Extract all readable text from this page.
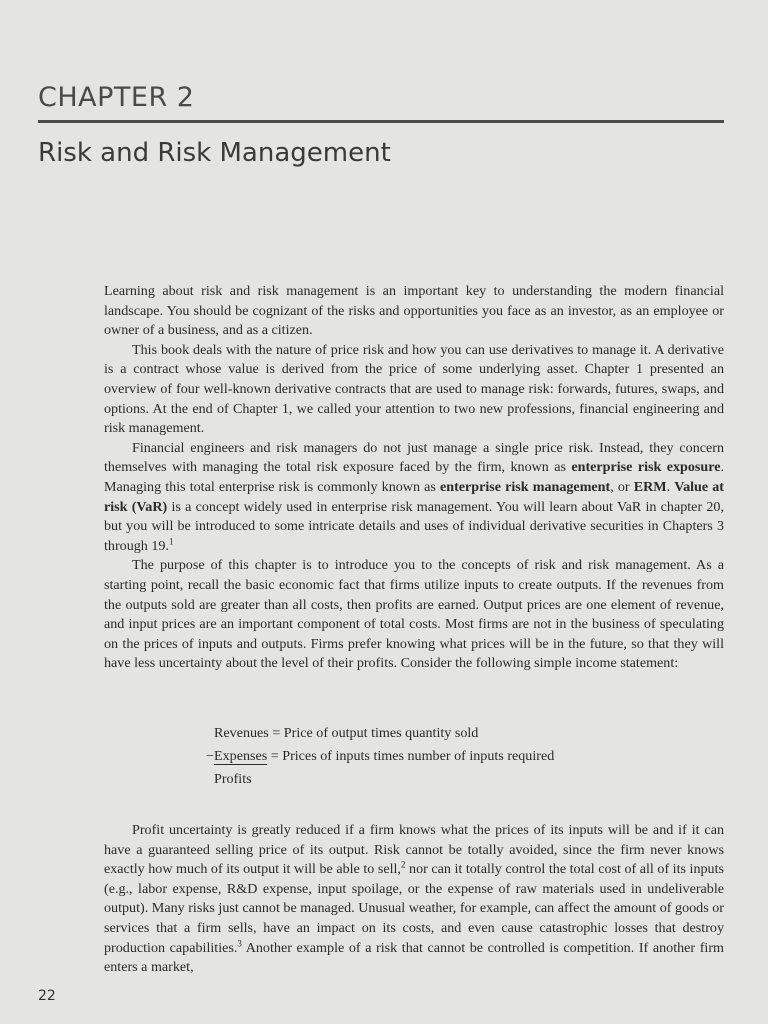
CHAPTER 2
Risk and Risk Management

Learning about risk and risk management is an important key to understanding the modern financial landscape. You should be cognizant of the risks and opportunities you face as an investor, as an employee or owner of a business, and as a citizen.

This book deals with the nature of price risk and how you can use derivatives to manage it. A derivative is a contract whose value is derived from the price of some underlying asset. Chapter 1 presented an overview of four well-known derivative contracts that are used to manage risk: forwards, futures, swaps, and options. At the end of Chapter 1, we called your attention to two new professions, financial engineering and risk management.

Financial engineers and risk managers do not just manage a single price risk. Instead, they concern themselves with managing the total risk exposure faced by the firm, known as enterprise risk exposure. Managing this total enterprise risk is commonly known as enterprise risk management, or ERM. Value at risk (VaR) is a concept widely used in enterprise risk management. You will learn about VaR in chapter 20, but you will be introduced to some intricate details and uses of individual derivative securities in Chapters 3 through 19.$^1$

The purpose of this chapter is to introduce you to the concepts of risk and risk management. As a starting point, recall the basic economic fact that firms utilize inputs to create outputs. If the revenues from the outputs sold are greater than all costs, then profits are earned. Output prices are one element of revenue, and input prices are an important component of total costs. Most firms are not in the business of speculating on the prices of inputs and outputs. Firms prefer knowing what prices will be in the future, so that they will have less uncertainty about the level of their profits. Consider the following simple income statement:

Revenues = Price of output times quantity sold
−Expenses = Prices of inputs times number of inputs required
Profits

Profit uncertainty is greatly reduced if a firm knows what the prices of its inputs will be and if it can have a guaranteed selling price of its output. Risk cannot be totally avoided, since the firm never knows exactly how much of its output it will be able to sell,$^2$ nor can it totally control the total cost of all of its inputs (e.g., labor expense, R&D expense, input spoilage, or the expense of raw materials used in undeliverable output). Many risks just cannot be managed. Unusual weather, for example, can affect the amount of goods or services that a firm sells, have an impact on its costs, and even cause catastrophic losses that destroy production capabilities.$^3$ Another example of a risk that cannot be controlled is competition. If another firm enters a market,

22
